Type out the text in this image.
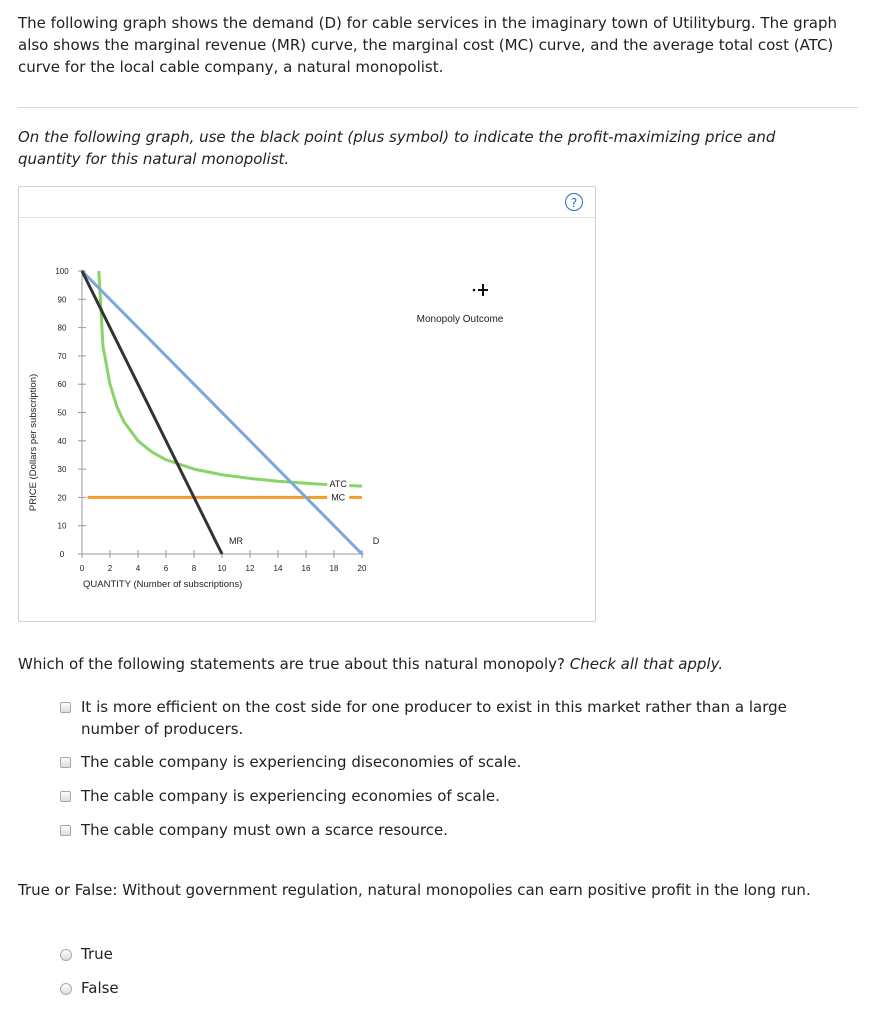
The following graph shows the demand (D) for cable services in the imaginary town of Utilityburg. The graph also shows the marginal revenue (MR) curve, the marginal cost (MC) curve, and the average total cost (ATC) curve for the local cable company, a natural monopolist.

On the following graph, use the black point (plus symbol) to indicate the profit-maximizing price and quantity for this natural monopolist.

?
0	2	4	6	8	10 12 14 16 18 20
0
10
20
30
40
50
60
70
80
90
100
QUANTITY (Number of subscriptions)
PRICE (Dollars per subscription)	ATC
MC
MR	D
Monopoly Outcome

Which of the following statements are true about this natural monopoly? Check all that apply.

It is more efficient on the cost side for one producer to exist in this market rather than a large number of producers.
The cable company is experiencing diseconomies of scale.
The cable company is experiencing economies of scale.
The cable company must own a scarce resource.

True or False: Without government regulation, natural monopolies can earn positive profit in the long run.

True
False
